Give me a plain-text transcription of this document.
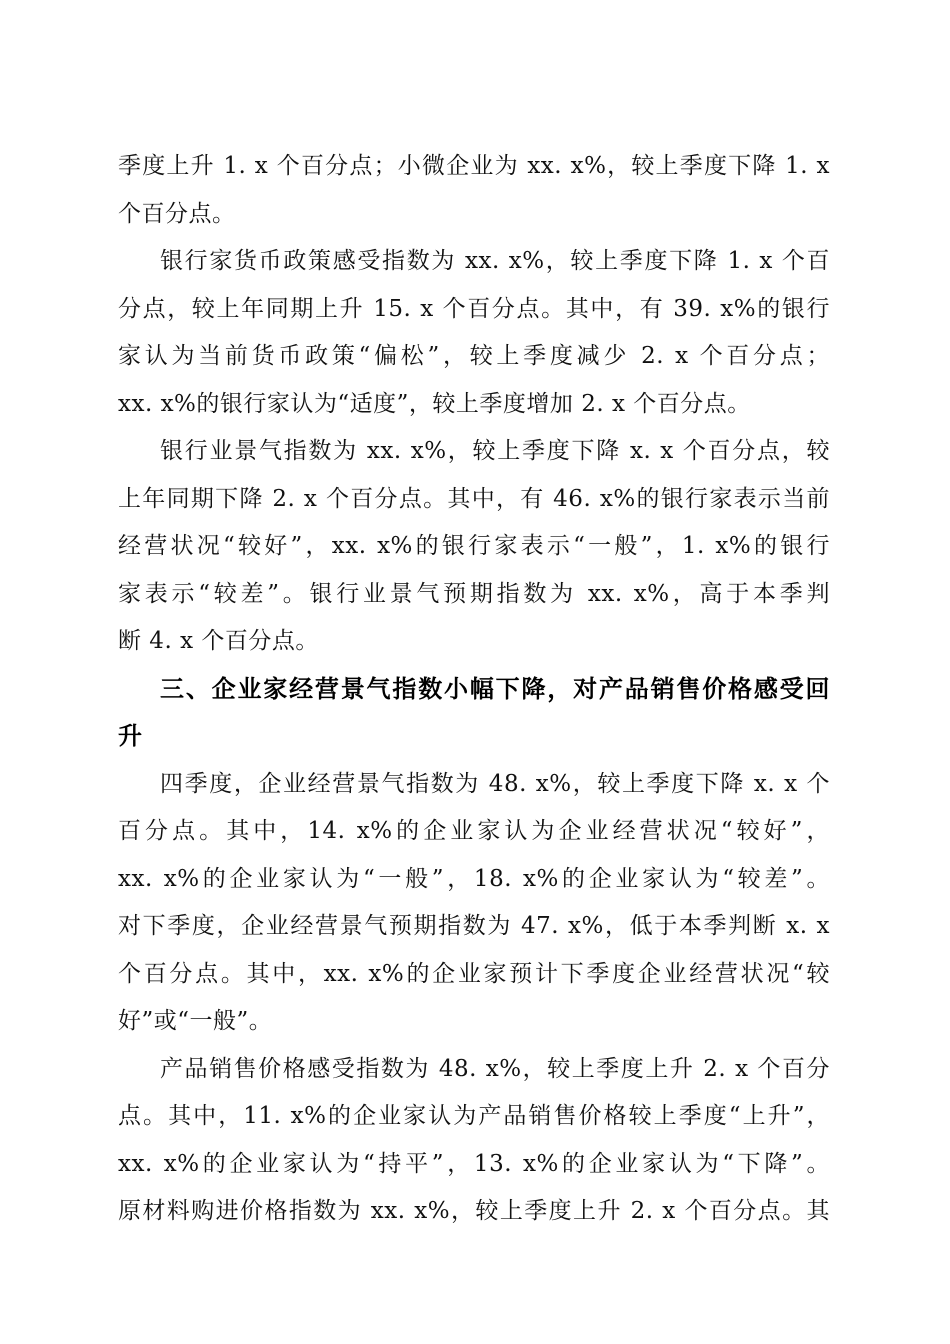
季度上升 1. x 个百分点；小微企业为 xx. x%，较上季度下降 1. x
个百分点。
银行家货币政策感受指数为 xx. x%，较上季度下降 1. x 个百
分点，较上年同期上升 15. x 个百分点。其中，有 39. x%的银行
家认为当前货币政策“偏松”，较上季度减少 2. x 个百分点；
xx. x%的银行家认为“适度”，较上季度增加 2. x 个百分点。
银行业景气指数为 xx. x%，较上季度下降 x. x 个百分点，较
上年同期下降 2. x 个百分点。其中，有 46. x%的银行家表示当前
经营状况“较好”，xx. x%的银行家表示“一般”，1. x%的银行
家表示“较差”。银行业景气预期指数为 xx. x%，高于本季判
断 4. x 个百分点。
三、企业家经营景气指数小幅下降，对产品销售价格感受回
升
四季度，企业经营景气指数为 48. x%，较上季度下降 x. x 个
百分点。其中，14. x%的企业家认为企业经营状况“较好”，
xx. x%的企业家认为“一般”，18. x%的企业家认为“较差”。
对下季度，企业经营景气预期指数为 47. x%，低于本季判断 x. x
个百分点。其中，xx. x%的企业家预计下季度企业经营状况“较
好”或“一般”。
产品销售价格感受指数为 48. x%，较上季度上升 2. x 个百分
点。其中，11. x%的企业家认为产品销售价格较上季度“上升”，
xx. x%的企业家认为“持平”，13. x%的企业家认为“下降”。
原材料购进价格指数为 xx. x%，较上季度上升 2. x 个百分点。其
